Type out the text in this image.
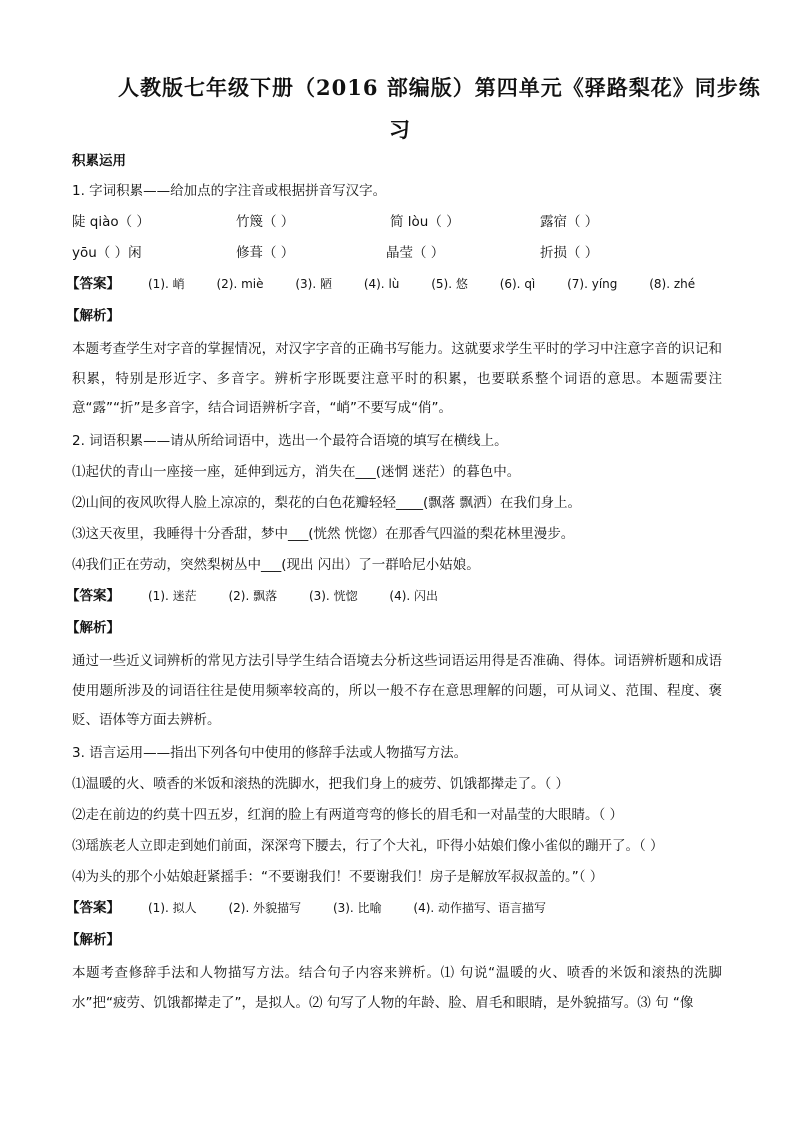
人教版七年级下册（2016 部编版）第四单元《驿路梨花》同步练
习
积累运用
1. 字词积累——给加点的字注音或根据拼音写汉字。
陡 qiào（ ）	竹篾（ ）	简 lòu（ ）	露宿（ ）
yōu（ ）闲	修葺（ ）	晶莹（ ）	折损（ ）
【答案】 (1). 峭	(2). miè	(3). 陋	(4). lù	(5). 悠	(6). qì	(7). yíng	(8). zhé
【解析】
本题考查学生对字音的掌握情况，对汉字字音的正确书写能力。这就要求学生平时的学习中注意字音的识记和积累，特别是形近字、多音字。辨析字形既要注意平时的积累，也要联系整个词语的意思。本题需要注意“露”“折”是多音字，结合词语辨析字音，“峭”不要写成“俏”。
2. 词语积累——请从所给词语中，选出一个最符合语境的填写在横线上。
⑴起伏的青山一座接一座，延伸到远方，消失在___(迷惘 迷茫）的暮色中。
⑵山间的夜风吹得人脸上凉凉的，梨花的白色花瓣轻轻____(飘落 飘洒）在我们身上。
⑶这天夜里，我睡得十分香甜，梦中___(恍然 恍惚）在那香气四溢的梨花林里漫步。
⑷我们正在劳动，突然梨树丛中___(现出 闪出）了一群哈尼小姑娘。
【答案】 (1). 迷茫	(2). 飘落	(3). 恍惚	(4). 闪出
【解析】
通过一些近义词辨析的常见方法引导学生结合语境去分析这些词语运用得是否准确、得体。词语辨析题和成语使用题所涉及的词语往往是使用频率较高的，所以一般不存在意思理解的问题，可从词义、范围、程度、褒贬、语体等方面去辨析。
3. 语言运用——指出下列各句中使用的修辞手法或人物描写方法。
⑴温暖的火、喷香的米饭和滚热的洗脚水，把我们身上的疲劳、饥饿都撵走了。（ ）
⑵走在前边的约莫十四五岁，红润的脸上有两道弯弯的修长的眉毛和一对晶莹的大眼睛。（ ）
⑶瑶族老人立即走到她们前面，深深弯下腰去，行了个大礼，吓得小姑娘们像小雀似的蹦开了。（ ）
⑷为头的那个小姑娘赶紧摇手：“不要谢我们！不要谢我们！房子是解放军叔叔盖的。”（ ）
【答案】 (1). 拟人	(2). 外貌描写	(3). 比喻	(4). 动作描写、语言描写
【解析】
本题考查修辞手法和人物描写方法。结合句子内容来辨析。⑴ 句说“温暖的火、喷香的米饭和滚热的洗脚水”把“疲劳、饥饿都撵走了”，是拟人。⑵ 句写了人物的年龄、脸、眉毛和眼睛，是外貌描写。⑶ 句 “像
